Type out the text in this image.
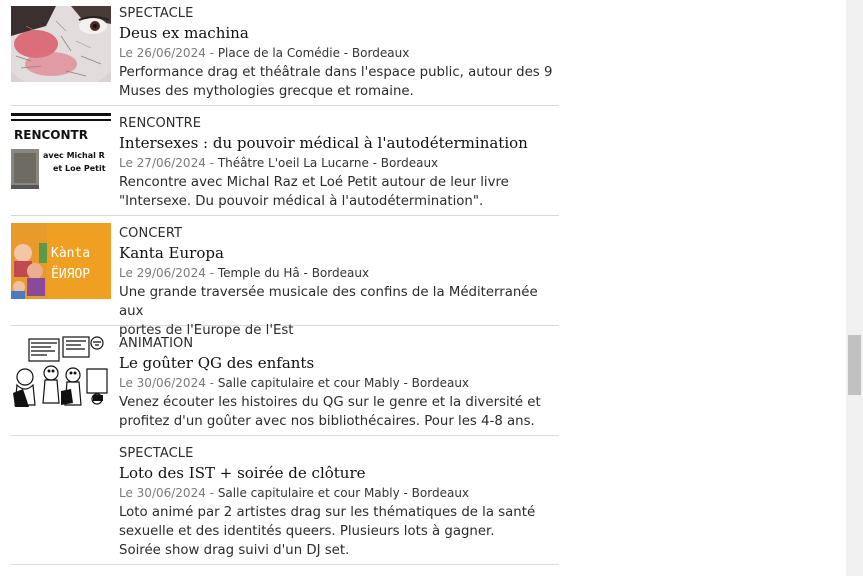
SPECTACLE
Deus ex machina
Le 26/06/2024 - Place de la Comédie - Bordeaux
Performance drag et théâtrale dans l'espace public, autour des 9
Muses des mythologies grecque et romaine.
RENCONTR
avec Michal R
et Loe Petit
RENCONTRE
Intersexes : du pouvoir médical à l'autodétermination
Le 27/06/2024 - Théâtre L'oeil La Lucarne - Bordeaux
Rencontre avec Michal Raz et Loé Petit autour de leur livre
"Intersexe. Du pouvoir médical à l'autodétermination".
Kànta
ЁИЯОР
CONCERT
Kanta Europa
Le 29/06/2024 - Temple du Hâ - Bordeaux
Une grande traversée musicale des confins de la Méditerranée aux
portes de l'Europe de l'Est
ANIMATION
Le goûter QG des enfants
Le 30/06/2024 - Salle capitulaire et cour Mably - Bordeaux
Venez écouter les histoires du QG sur le genre et la diversité et
profitez d'un goûter avec nos bibliothécaires. Pour les 4-8 ans.
SPECTACLE
Loto des IST + soirée de clôture
Le 30/06/2024 - Salle capitulaire et cour Mably - Bordeaux
Loto animé par 2 artistes drag sur les thématiques de la santé
sexuelle et des identités queers. Plusieurs lots à gagner.
Soirée show drag suivi d'un DJ set.
